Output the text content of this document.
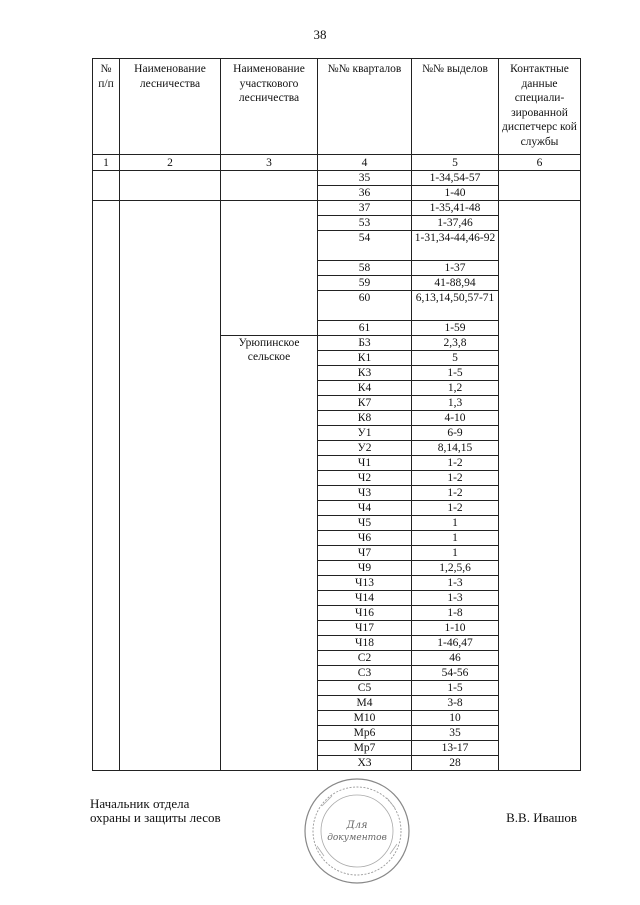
38
№ п/п	Наименование лесничества	Наименование участкового лесничества	№№ кварталов	№№ выделов	Контактные данные специали-зированной диспетчерс кой службы
1	2	3	4	5	6
			35	1-34,54-57	
			36	1-40	
			37	1-35,41-48	
			53	1-37,46	
			54	1-31,34-44,46-92	
			58	1-37	
			59	41-88,94	
			60	6,13,14,50,57-71	
			61	1-59	
		Урюпинское сельское	Б3	2,3,8	
			К1	5	
			К3	1-5	
			К4	1,2	
			К7	1,3	
			К8	4-10	
			У1	6-9	
			У2	8,14,15	
			Ч1	1-2	
			Ч2	1-2	
			Ч3	1-2	
			Ч4	1-2	
			Ч5	1	
			Ч6	1	
			Ч7	1	
			Ч9	1,2,5,6	
			Ч13	1-3	
			Ч14	1-3	
			Ч16	1-8	
			Ч17	1-10	
			Ч18	1-46,47	
			С2	46	
			С3	54-56	
			С5	1-5	
			М4	3-8	
			М10	10	
			Мр6	35	
			Мр7	13-17	
			Х3	28	
Начальник отдела
охраны и защиты лесов
Для
документов
В.В. Ивашов
